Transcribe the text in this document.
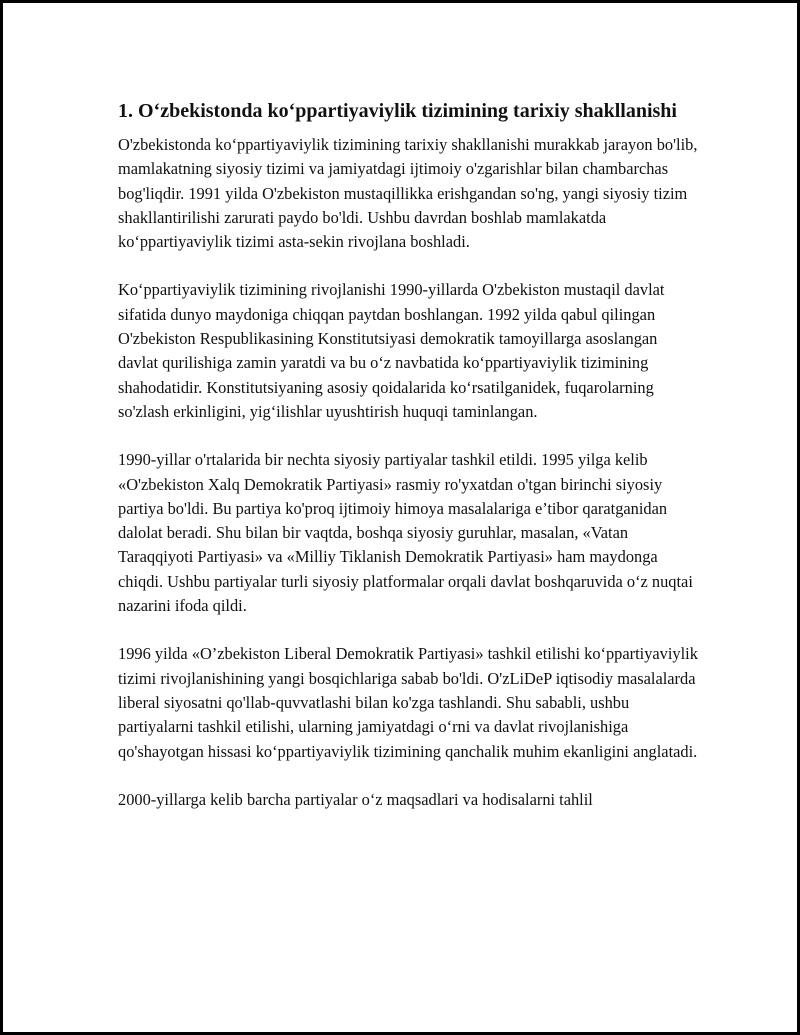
1. O‘zbekistonda ko‘ppartiyaviylik tizimining tarixiy shakllanishi

O'zbekistonda ko‘ppartiyaviylik tizimining tarixiy shakllanishi murakkab jarayon bo'lib, mamlakatning siyosiy tizimi va jamiyatdagi ijtimoiy o'zgarishlar bilan chambarchas bog'liqdir. 1991 yilda O'zbekiston mustaqillikka erishgandan so'ng, yangi siyosiy tizim shakllantirilishi zarurati paydo bo'ldi. Ushbu davrdan boshlab mamlakatda ko‘ppartiyaviylik tizimi asta-sekin rivojlana boshladi.

Ko‘ppartiyaviylik tizimining rivojlanishi 1990-yillarda O'zbekiston mustaqil davlat sifatida dunyo maydoniga chiqqan paytdan boshlangan. 1992 yilda qabul qilingan O'zbekiston Respublikasining Konstitutsiyasi demokratik tamoyillarga asoslangan davlat qurilishiga zamin yaratdi va bu o‘z navbatida ko‘ppartiyaviylik tizimining shahodatidir. Konstitutsiyaning asosiy qoidalarida ko‘rsatilganidek, fuqarolarning so'zlash erkinligini, yig‘ilishlar uyushtirish huquqi taminlangan.

1990-yillar o'rtalarida bir nechta siyosiy partiyalar tashkil etildi. 1995 yilga kelib «O'zbekiston Xalq Demokratik Partiyasi» rasmiy ro'yxatdan o'tgan birinchi siyosiy partiya bo'ldi. Bu partiya ko'proq ijtimoiy himoya masalalariga e’tibor qaratganidan dalolat beradi. Shu bilan bir vaqtda, boshqa siyosiy guruhlar, masalan, «Vatan Taraqqiyoti Partiyasi» va «Milliy Tiklanish Demokratik Partiyasi» ham maydonga chiqdi. Ushbu partiyalar turli siyosiy platformalar orqali davlat boshqaruvida o‘z nuqtai nazarini ifoda qildi.

1996 yilda «O’zbekiston Liberal Demokratik Partiyasi» tashkil etilishi ko‘ppartiyaviylik tizimi rivojlanishining yangi bosqichlariga sabab bo'ldi. O'zLiDeP iqtisodiy masalalarda liberal siyosatni qo'llab-quvvatlashi bilan ko'zga tashlandi. Shu sababli, ushbu partiyalarni tashkil etilishi, ularning jamiyatdagi o‘rni va davlat rivojlanishiga qo'shayotgan hissasi ko‘ppartiyaviylik tizimining qanchalik muhim ekanligini anglatadi.

2000-yillarga kelib barcha partiyalar o‘z maqsadlari va hodisalarni tahlil
